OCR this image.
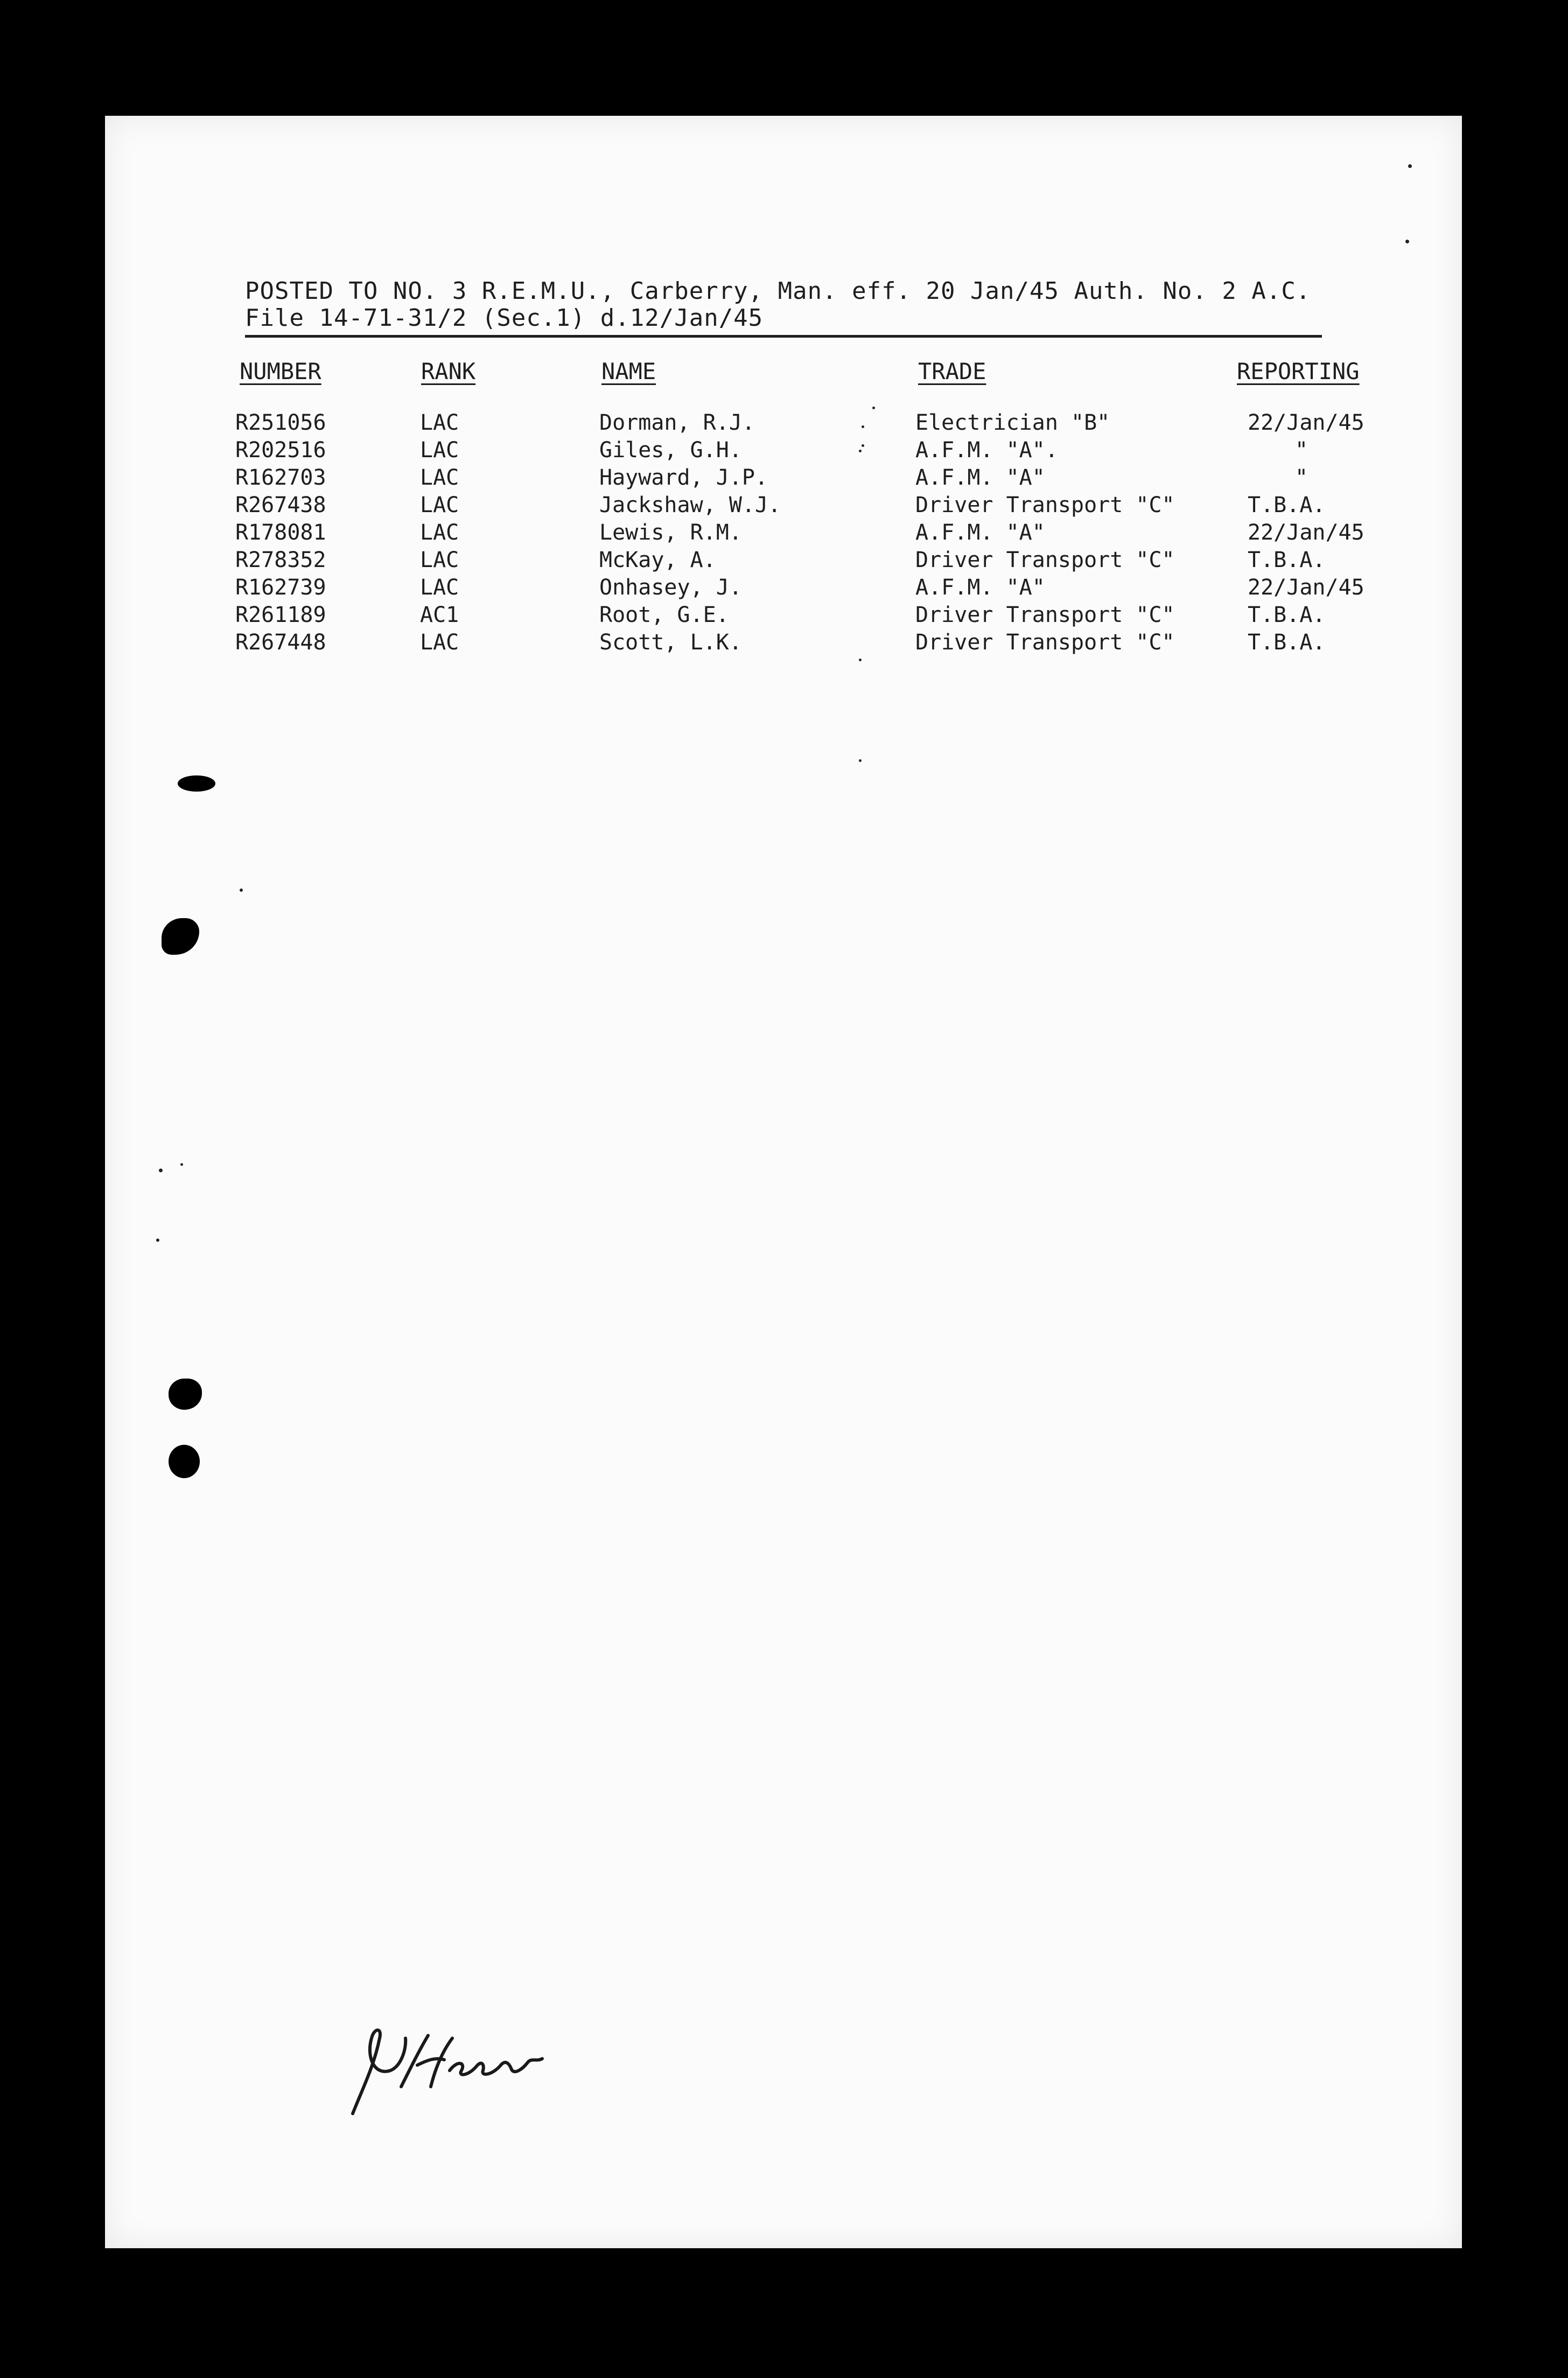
POSTED TO NO. 3 R.E.M.U., Carberry, Man. eff. 20 Jan/45 Auth. No. 2 A.C.
File 14-71-31/2 (Sec.1) d.12/Jan/45
NUMBER	RANK	NAME	TRADE	REPORTING
R251056	LAC	Dorman, R.J.	Electrician "B"	22/Jan/45
R202516	LAC	Giles, G.H.	A.F.M. "A".	"
R162703	LAC	Hayward, J.P.	A.F.M. "A"	"
R267438	LAC	Jackshaw, W.J.	Driver Transport "C"	T.B.A.
R178081	LAC	Lewis, R.M.	A.F.M. "A"	22/Jan/45
R278352	LAC	McKay, A.	Driver Transport "C"	T.B.A.
R162739	LAC	Onhasey, J.	A.F.M. "A"	22/Jan/45
R261189	AC1	Root, G.E.	Driver Transport "C"	T.B.A.
R267448	LAC	Scott, L.K.	Driver Transport "C"	T.B.A.
